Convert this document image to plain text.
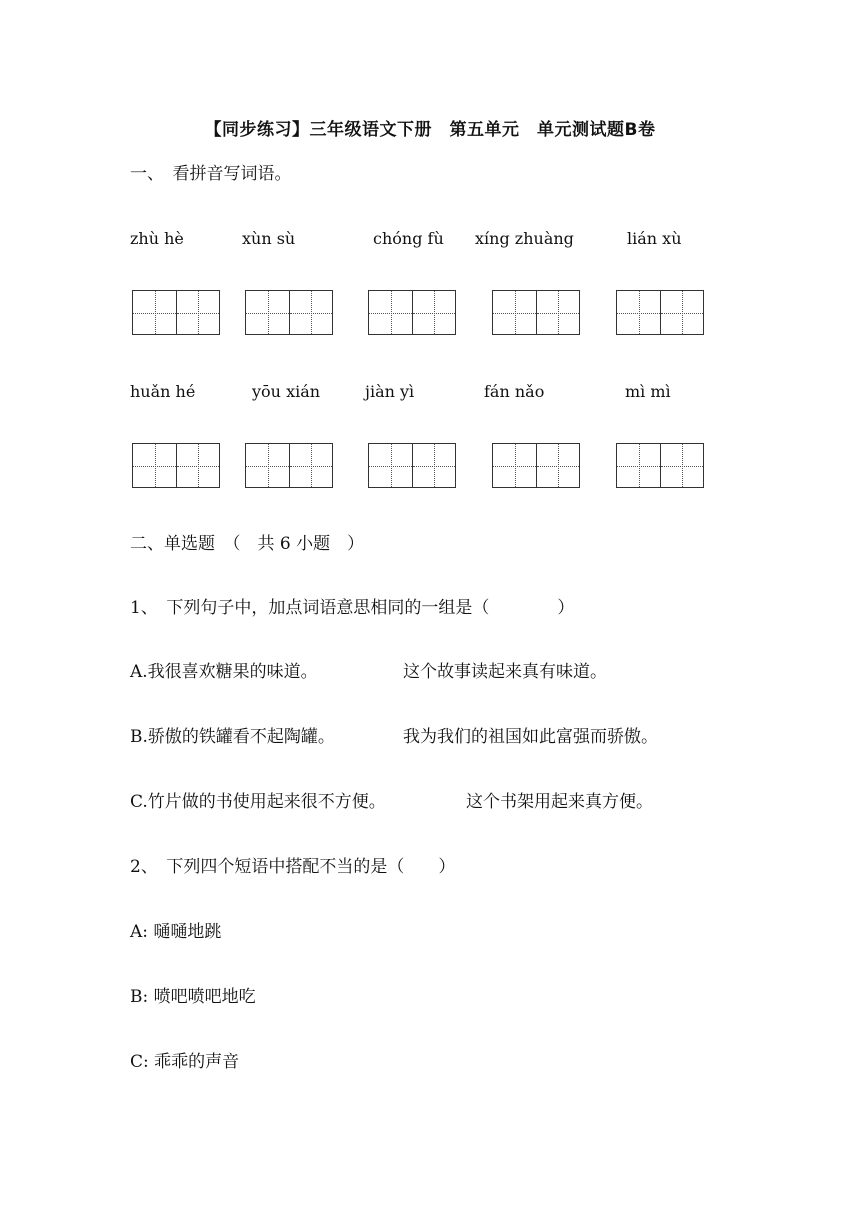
【同步练习】三年级语文下册　第五单元　单元测试题B卷
一、　看拼音写词语。
zhù hè	xùn sù	chóng fù xíng zhuàng	lián xù
huǎn hé	yōu xián	jiàn yì	fán nǎo	mì mì
二、单选题　（　共 6 小题　）
1、　下列句子中，加点词语意思相同的一组是（　　　　）
A.我很喜欢糖果的味道。	这个故事读起来真有味道。
B.骄傲的铁罐看不起陶罐。	我为我们的祖国如此富强而骄傲。
C.竹片做的书使用起来很不方便。	这个书架用起来真方便。
2、　下列四个短语中搭配不当的是（　　）
A: 嗵嗵地跳
B: 喷吧喷吧地吃
C: 乖乖的声音
